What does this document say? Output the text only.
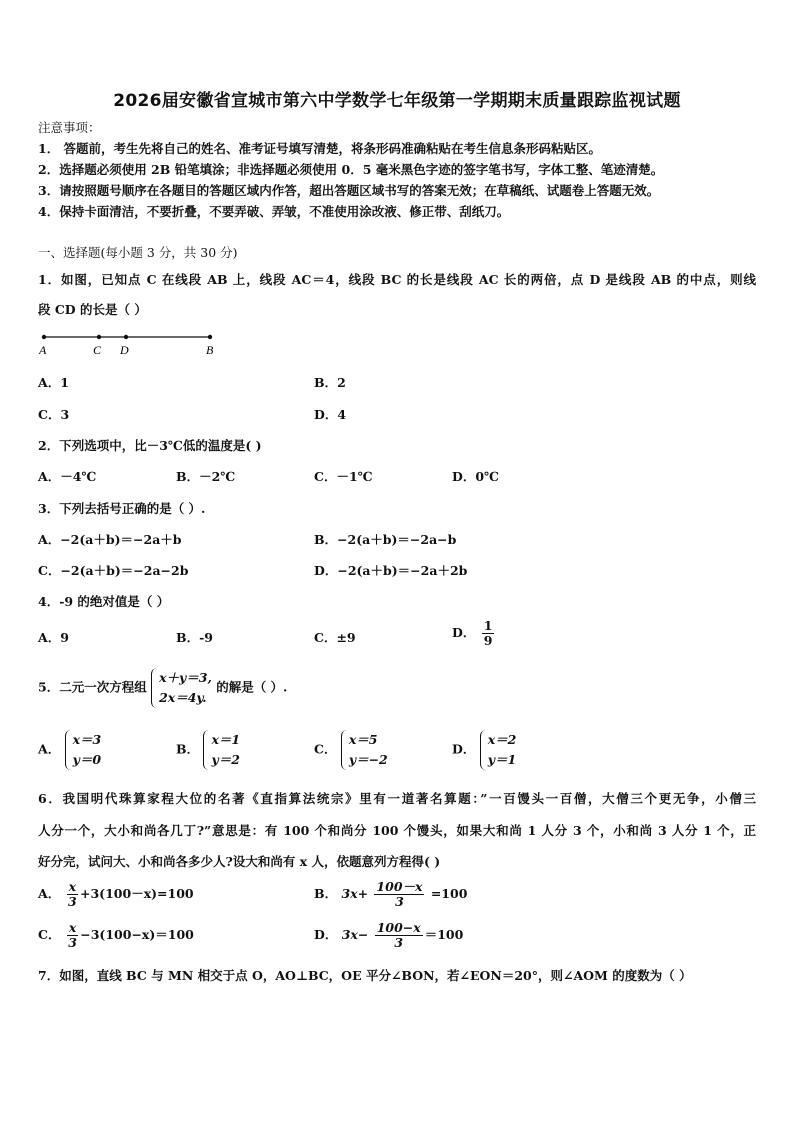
2026届安徽省宣城市第六中学数学七年级第一学期期末质量跟踪监视试题
注意事项：
1． 答题前，考生先将自己的姓名、准考证号填写清楚，将条形码准确粘贴在考生信息条形码粘贴区。
2．选择题必须使用 2B 铅笔填涂；非选择题必须使用 0．5 毫米黑色字迹的签字笔书写，字体工整、笔迹清楚。
3．请按照题号顺序在各题目的答题区域内作答，超出答题区域书写的答案无效；在草稿纸、试题卷上答题无效。
4．保持卡面清洁，不要折叠，不要弄破、弄皱，不准使用涂改液、修正带、刮纸刀。
一、选择题(每小题 3 分，共 30 分)
1．如图，已知点 C 在线段 AB 上，线段 AC＝4，线段 BC 的长是线段 AC 长的两倍，点 D 是线段 AB 的中点，则线
段 CD 的长是（ ）
A	C D	B
A．1	B．2
C．3	D．4
2．下列选项中，比－3℃低的温度是( )
A．－4℃	B．－2℃	C．－1℃	D．0℃
3．下列去括号正确的是（ ）.
A．−2(a＋b)＝−2a＋b	B．−2(a＋b)＝−2a−b
C．−2(a＋b)＝−2a−2b	D．−2(a＋b)＝−2a＋2b
4．-9 的绝对值是（ ）
A．9	B．-9	C．±9	D． $\frac{1}{9}$
5．二元一次方程组
x＋y＝3,
2x＝4y.
的解是（ ）.
A．
x＝3
y＝0
B．
x＝1
y＝2
C．
x＝5
y＝−2
D．
x＝2
y＝1
6．我国明代珠算家程大位的名著《直指算法统宗》里有一道著名算题：”一百馒头一百僧，大僧三个更无争，小僧三
人分一个，大小和尚各几丁?”意思是：有 100 个和尚分 100 个馒头，如果大和尚 1 人分 3 个，小和尚 3 人分 1 个，正
好分完，试问大、小和尚各多少人?设大和尚有 x 人，依题意列方程得( )
A． $\frac{x}{3} +3(100-x)=100$	B． $3x+ \frac{100-x}{3} =100$
C． $\frac{x}{3} -3(100-x)=100$	D． $3x- \frac{100-x}{3} =100$
7．如图，直线 BC 与 MN 相交于点 O，AO⊥BC，OE 平分∠BON，若∠EON＝20°，则∠AOM 的度数为（ ）
